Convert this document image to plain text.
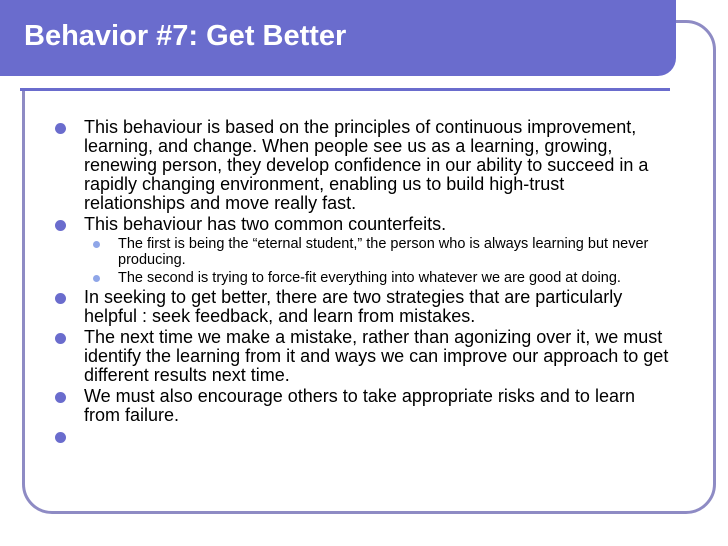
Behavior #7: Get Better
This behaviour is based on the principles of continuous improvement, learning, and change. When people see us as a learning, growing, renewing person, they develop confidence in our ability to succeed in a rapidly changing environment, enabling us to build high-trust relationships and move really fast.
This behaviour has two common counterfeits.
The first is being the “eternal student,” the person who is always learning but never producing.
The second is trying to force-fit everything into whatever we are good at doing.
In seeking to get better, there are two strategies that are particularly helpful : seek feedback, and learn from mistakes.
The next time we make a mistake, rather than agonizing over it, we must identify the learning from it and ways we can improve our approach to get different results next time.
We must also encourage others to take appropriate risks and to learn from failure.
